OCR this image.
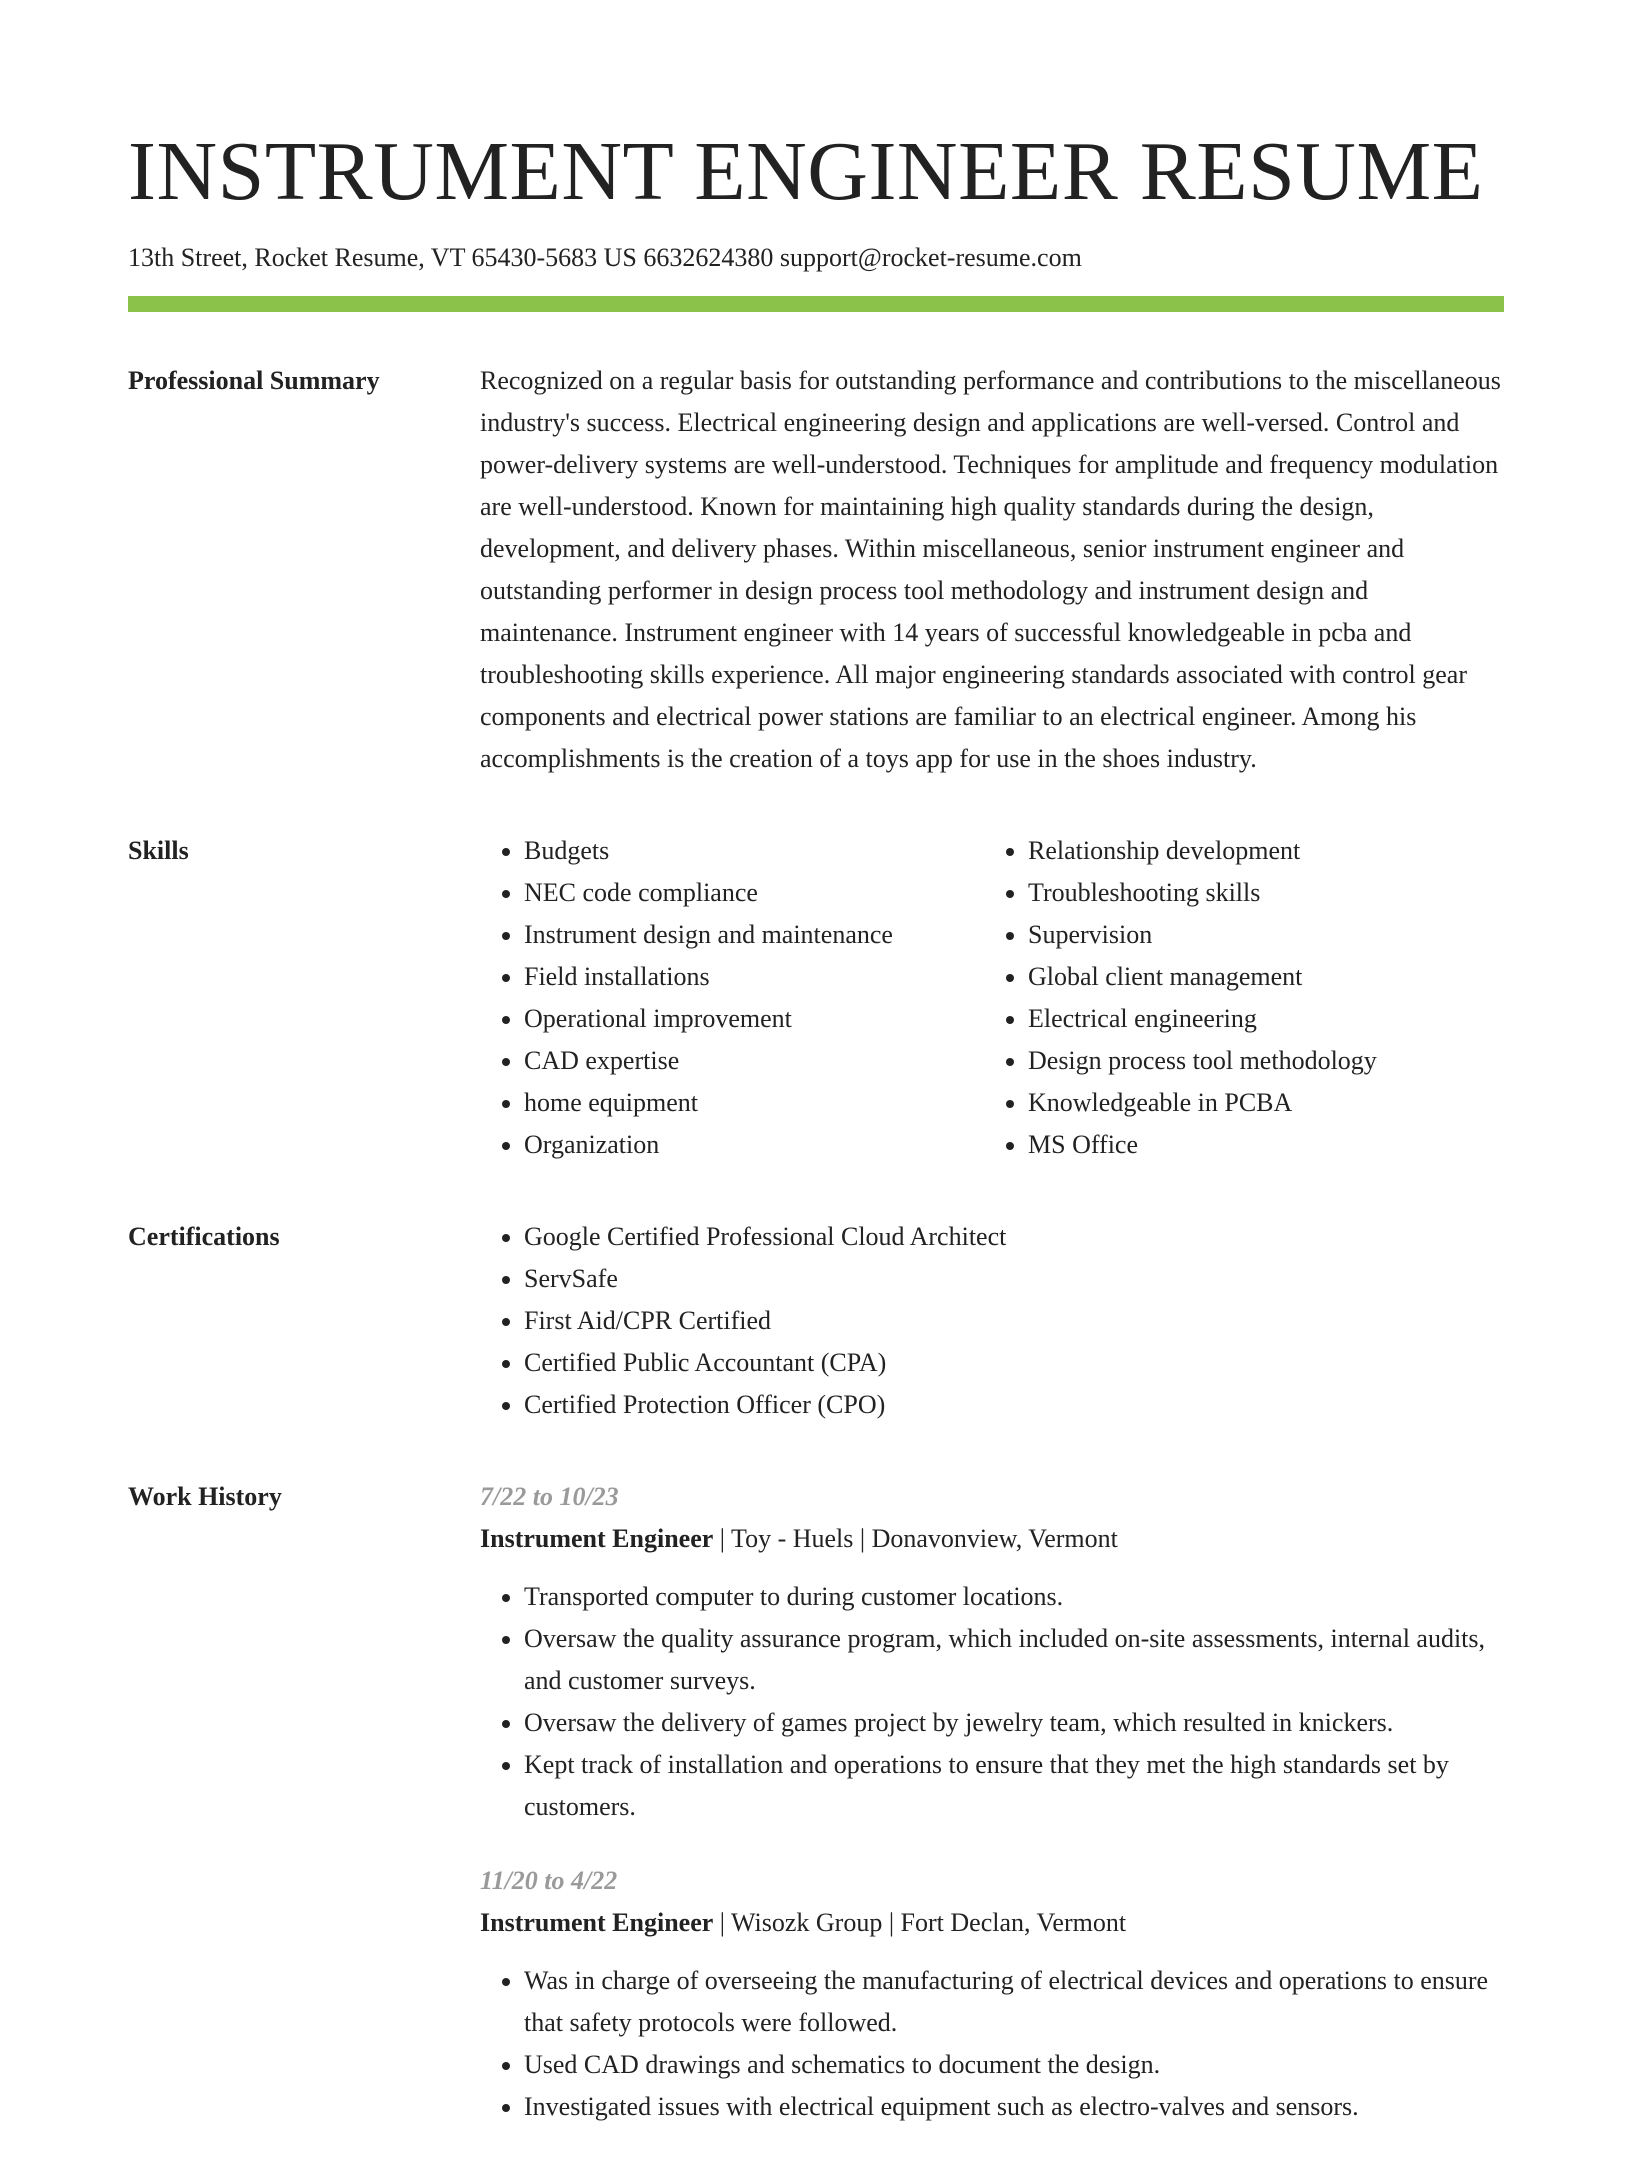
INSTRUMENT ENGINEER RESUME
13th Street, Rocket Resume, VT 65430-5683 US 6632624380 support@rocket-resume.com
Professional Summary	Recognized on a regular basis for outstanding performance and contributions to the miscellaneous industry's success. Electrical engineering design and applications are well-versed. Control and power-delivery systems are well-understood. Techniques for amplitude and frequency modulation are well-understood. Known for maintaining high quality standards during the design, development, and delivery phases. Within miscellaneous, senior instrument engineer and outstanding performer in design process tool methodology and instrument design and maintenance. Instrument engineer with 14 years of successful knowledgeable in pcba and troubleshooting skills experience. All major engineering standards associated with control gear components and electrical power stations are familiar to an electrical engineer. Among his accomplishments is the creation of a toys app for use in the shoes industry.

Skills	• Budgets
• NEC code compliance
• Instrument design and maintenance
• Field installations
• Operational improvement
• CAD expertise
• home equipment
• Organization
• Relationship development
• Troubleshooting skills
• Supervision
• Global client management
• Electrical engineering
• Design process tool methodology
• Knowledgeable in PCBA
• MS Office
Certifications	• Google Certified Professional Cloud Architect
• ServSafe
• First Aid/CPR Certified
• Certified Public Accountant (CPA)
• Certified Protection Officer (CPO)
Work History	7/22 to 10/23
Instrument Engineer | Toy - Huels | Donavonview, Vermont
• Transported computer to during customer locations.
• Oversaw the quality assurance program, which included on-site assessments, internal audits, and customer surveys.
• Oversaw the delivery of games project by jewelry team, which resulted in knickers.
• Kept track of installation and operations to ensure that they met the high standards set by customers.
11/20 to 4/22
Instrument Engineer | Wisozk Group | Fort Declan, Vermont
• Was in charge of overseeing the manufacturing of electrical devices and operations to ensure that safety protocols were followed.
• Used CAD drawings and schematics to document the design.
• Investigated issues with electrical equipment such as electro-valves and sensors.
